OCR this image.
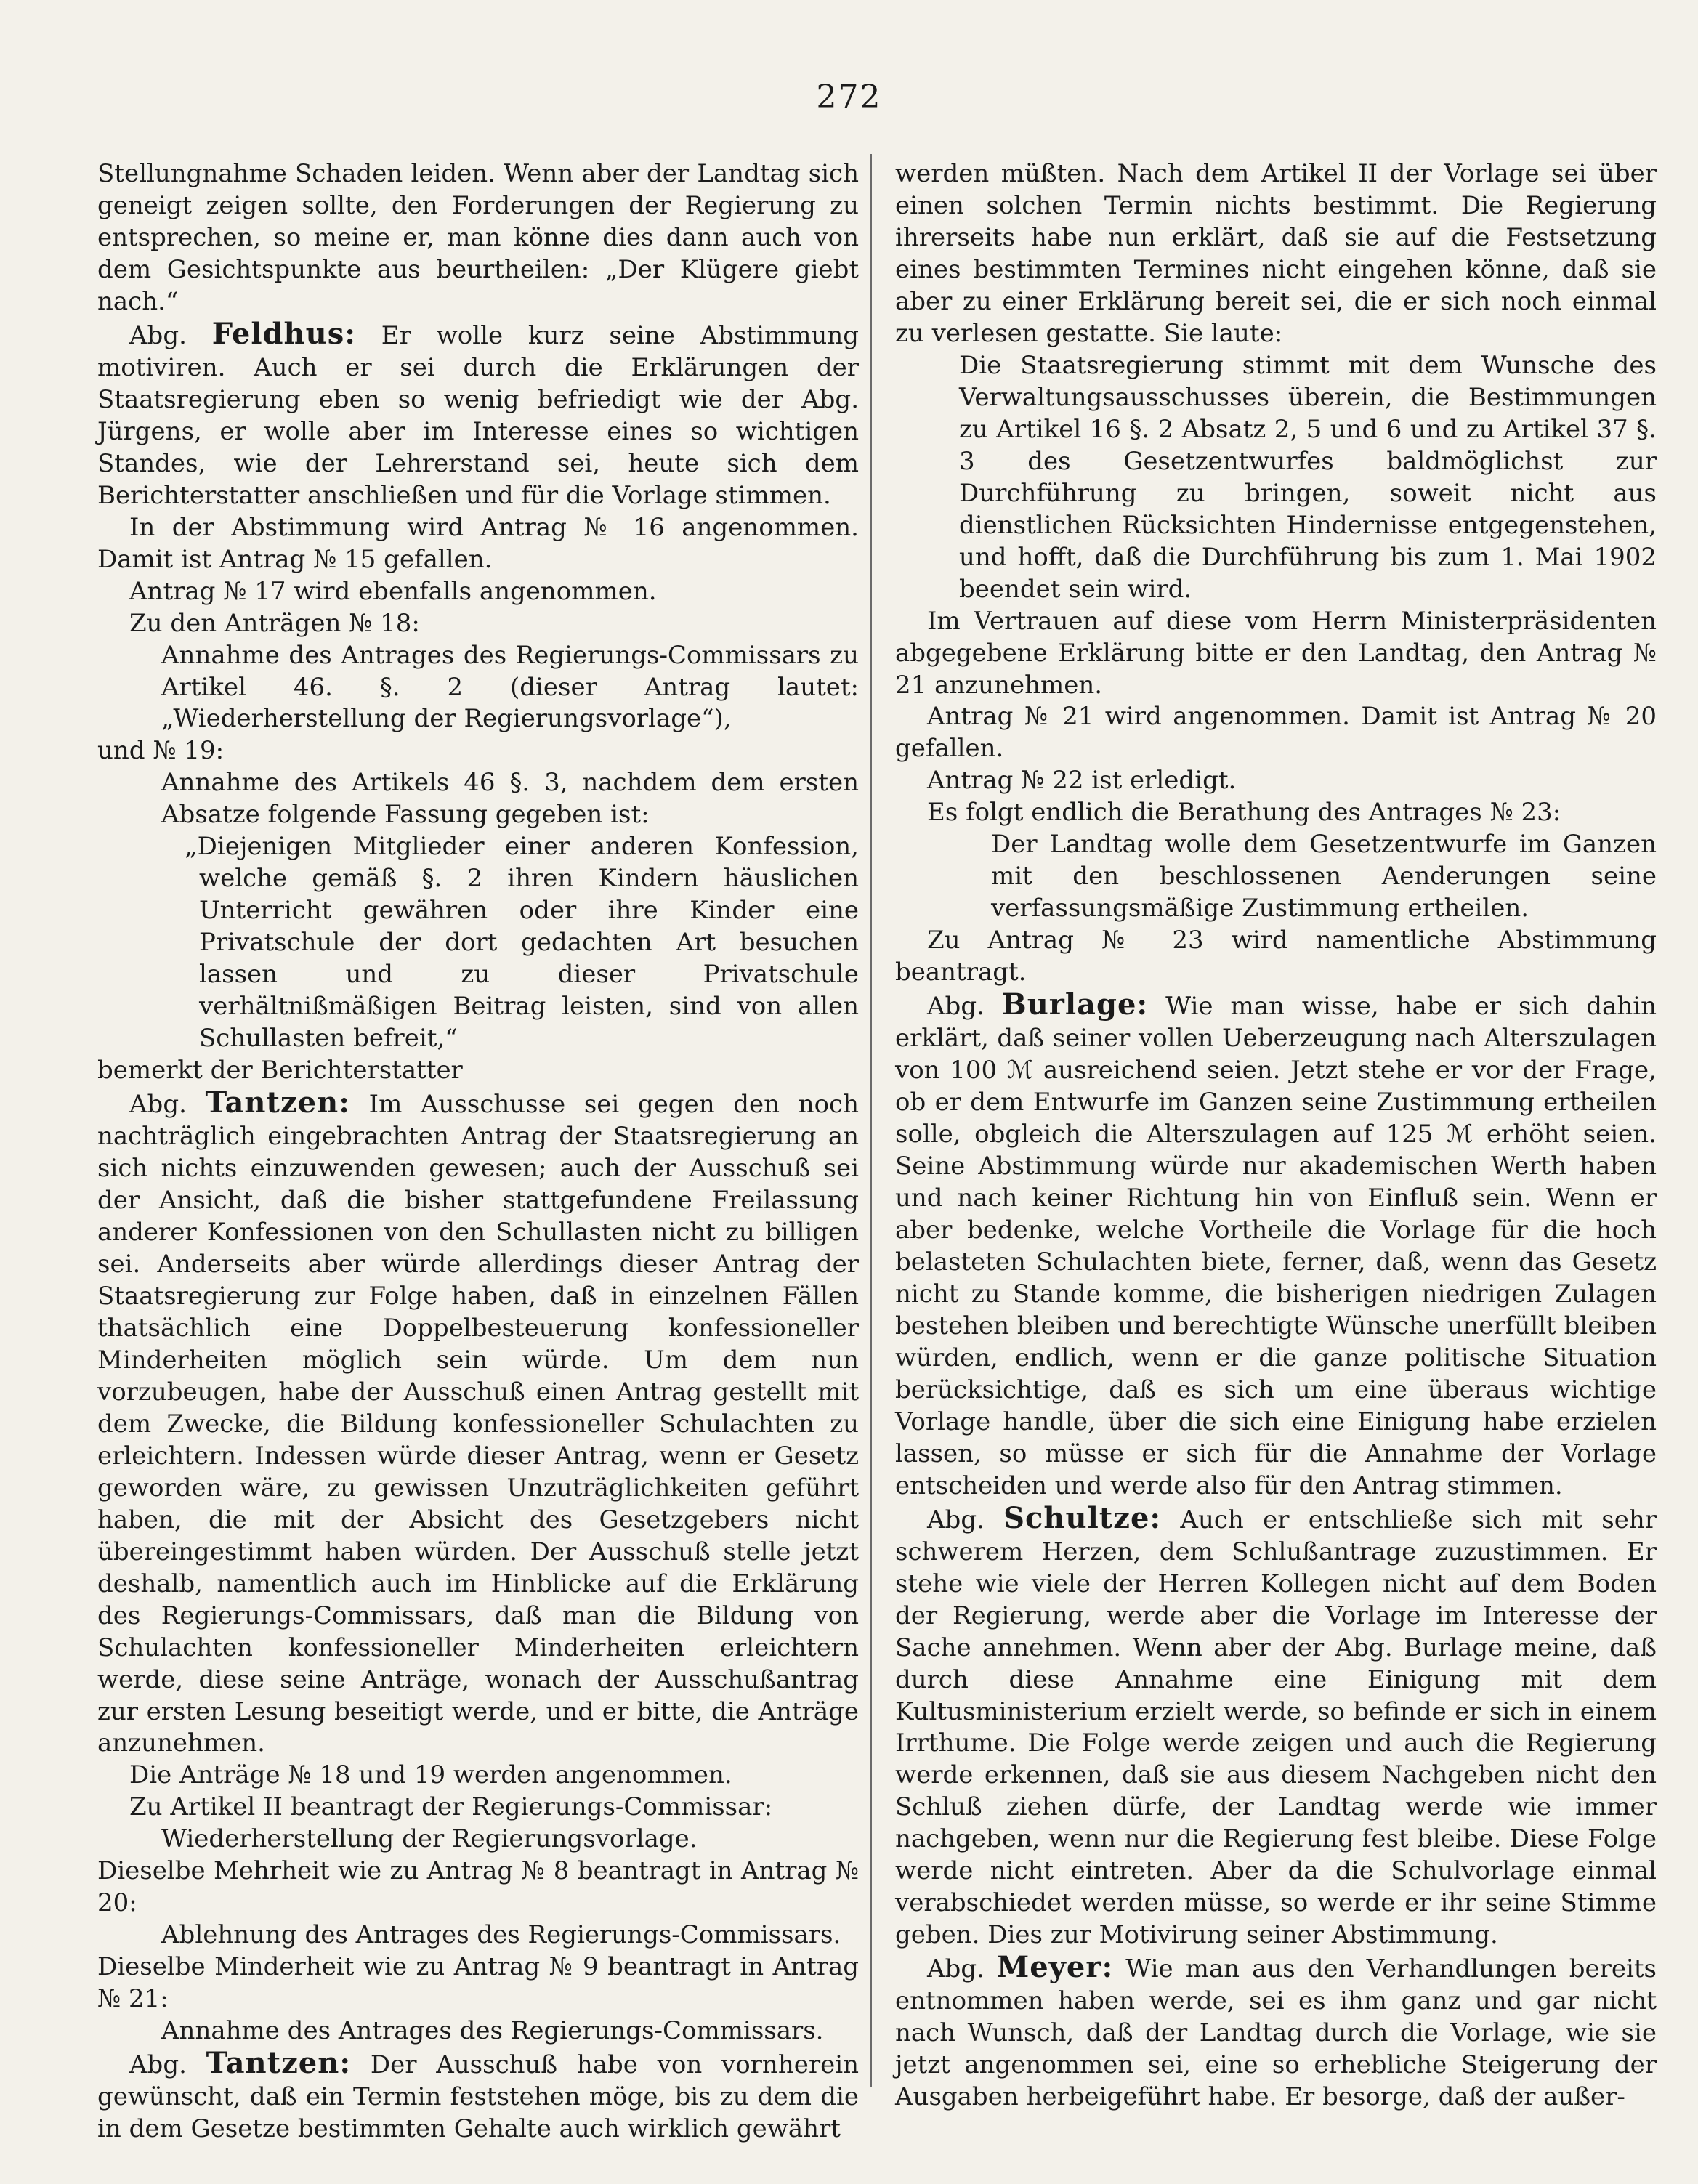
272

Stellungnahme Schaden leiden. Wenn aber der Landtag sich geneigt zeigen sollte, den Forderungen der Regierung zu entsprechen, so meine er, man könne dies dann auch von dem Gesichtspunkte aus beurtheilen: „Der Klügere giebt nach.“

Abg. Feldhus: Er wolle kurz seine Abstimmung motiviren. Auch er sei durch die Erklärungen der Staatsregierung eben so wenig befriedigt wie der Abg. Jürgens, er wolle aber im Interesse eines so wichtigen Standes, wie der Lehrerstand sei, heute sich dem Berichterstatter anschließen und für die Vorlage stimmen.

In der Abstimmung wird Antrag № 16 angenommen. Damit ist Antrag № 15 gefallen.

Antrag № 17 wird ebenfalls angenommen.

Zu den Anträgen № 18:

Annahme des Antrages des Regierungs-Commissars zu Artikel 46. §. 2 (dieser Antrag lautet: „Wiederherstellung der Regierungsvorlage“),

und № 19:

Annahme des Artikels 46 §. 3, nachdem dem ersten Absatze folgende Fassung gegeben ist:

„Diejenigen Mitglieder einer anderen Konfession, welche gemäß §. 2 ihren Kindern häuslichen Unterricht gewähren oder ihre Kinder eine Privatschule der dort gedachten Art besuchen lassen und zu dieser Privatschule verhältnißmäßigen Beitrag leisten, sind von allen Schullasten befreit,“

bemerkt der Berichterstatter

Abg. Tantzen: Im Ausschusse sei gegen den noch nachträglich eingebrachten Antrag der Staatsregierung an sich nichts einzuwenden gewesen; auch der Ausschuß sei der Ansicht, daß die bisher stattgefundene Freilassung anderer Konfessionen von den Schullasten nicht zu billigen sei. Anderseits aber würde allerdings dieser Antrag der Staatsregierung zur Folge haben, daß in einzelnen Fällen thatsächlich eine Doppelbesteuerung konfessioneller Minderheiten möglich sein würde. Um dem nun vorzubeugen, habe der Ausschuß einen Antrag gestellt mit dem Zwecke, die Bildung konfessioneller Schulachten zu erleichtern. Indessen würde dieser Antrag, wenn er Gesetz geworden wäre, zu gewissen Unzuträglichkeiten geführt haben, die mit der Absicht des Gesetzgebers nicht übereingestimmt haben würden. Der Ausschuß stelle jetzt deshalb, namentlich auch im Hinblicke auf die Erklärung des Regierungs-Commissars, daß man die Bildung von Schulachten konfessioneller Minderheiten erleichtern werde, diese seine Anträge, wonach der Ausschußantrag zur ersten Lesung beseitigt werde, und er bitte, die Anträge anzunehmen.

Die Anträge № 18 und 19 werden angenommen.

Zu Artikel II beantragt der Regierungs-Commissar:

Wiederherstellung der Regierungsvorlage.

Dieselbe Mehrheit wie zu Antrag № 8 beantragt in Antrag № 20:

Ablehnung des Antrages des Regierungs-Commissars.

Dieselbe Minderheit wie zu Antrag № 9 beantragt in Antrag № 21:

Annahme des Antrages des Regierungs-Commissars.

Abg. Tantzen: Der Ausschuß habe von vornherein gewünscht, daß ein Termin feststehen möge, bis zu dem die in dem Gesetze bestimmten Gehalte auch wirklich gewährt

werden müßten. Nach dem Artikel II der Vorlage sei über einen solchen Termin nichts bestimmt. Die Regierung ihrerseits habe nun erklärt, daß sie auf die Festsetzung eines bestimmten Termines nicht eingehen könne, daß sie aber zu einer Erklärung bereit sei, die er sich noch einmal zu verlesen gestatte. Sie laute:

Die Staatsregierung stimmt mit dem Wunsche des Verwaltungsausschusses überein, die Bestimmungen zu Artikel 16 §. 2 Absatz 2, 5 und 6 und zu Artikel 37 §. 3 des Gesetzentwurfes baldmöglichst zur Durchführung zu bringen, soweit nicht aus dienstlichen Rücksichten Hindernisse entgegenstehen, und hofft, daß die Durchführung bis zum 1. Mai 1902 beendet sein wird.

Im Vertrauen auf diese vom Herrn Ministerpräsidenten abgegebene Erklärung bitte er den Landtag, den Antrag № 21 anzunehmen.

Antrag № 21 wird angenommen. Damit ist Antrag № 20 gefallen.

Antrag № 22 ist erledigt.

Es folgt endlich die Berathung des Antrages № 23:

Der Landtag wolle dem Gesetzentwurfe im Ganzen mit den beschlossenen Aenderungen seine verfassungsmäßige Zustimmung ertheilen.

Zu Antrag № 23 wird namentliche Abstimmung beantragt.

Abg. Burlage: Wie man wisse, habe er sich dahin erklärt, daß seiner vollen Ueberzeugung nach Alterszulagen von 100 ℳ ausreichend seien. Jetzt stehe er vor der Frage, ob er dem Entwurfe im Ganzen seine Zustimmung ertheilen solle, obgleich die Alterszulagen auf 125 ℳ erhöht seien. Seine Abstimmung würde nur akademischen Werth haben und nach keiner Richtung hin von Einfluß sein. Wenn er aber bedenke, welche Vortheile die Vorlage für die hoch belasteten Schulachten biete, ferner, daß, wenn das Gesetz nicht zu Stande komme, die bisherigen niedrigen Zulagen bestehen bleiben und berechtigte Wünsche unerfüllt bleiben würden, endlich, wenn er die ganze politische Situation berücksichtige, daß es sich um eine überaus wichtige Vorlage handle, über die sich eine Einigung habe erzielen lassen, so müsse er sich für die Annahme der Vorlage entscheiden und werde also für den Antrag stimmen.

Abg. Schultze: Auch er entschließe sich mit sehr schwerem Herzen, dem Schlußantrage zuzustimmen. Er stehe wie viele der Herren Kollegen nicht auf dem Boden der Regierung, werde aber die Vorlage im Interesse der Sache annehmen. Wenn aber der Abg. Burlage meine, daß durch diese Annahme eine Einigung mit dem Kultusministerium erzielt werde, so befinde er sich in einem Irrthume. Die Folge werde zeigen und auch die Regierung werde erkennen, daß sie aus diesem Nachgeben nicht den Schluß ziehen dürfe, der Landtag werde wie immer nachgeben, wenn nur die Regierung fest bleibe. Diese Folge werde nicht eintreten. Aber da die Schulvorlage einmal verabschiedet werden müsse, so werde er ihr seine Stimme geben. Dies zur Motivirung seiner Abstimmung.

Abg. Meyer: Wie man aus den Verhandlungen bereits entnommen haben werde, sei es ihm ganz und gar nicht nach Wunsch, daß der Landtag durch die Vorlage, wie sie jetzt angenommen sei, eine so erhebliche Steigerung der Ausgaben herbeigeführt habe. Er besorge, daß der außer-
